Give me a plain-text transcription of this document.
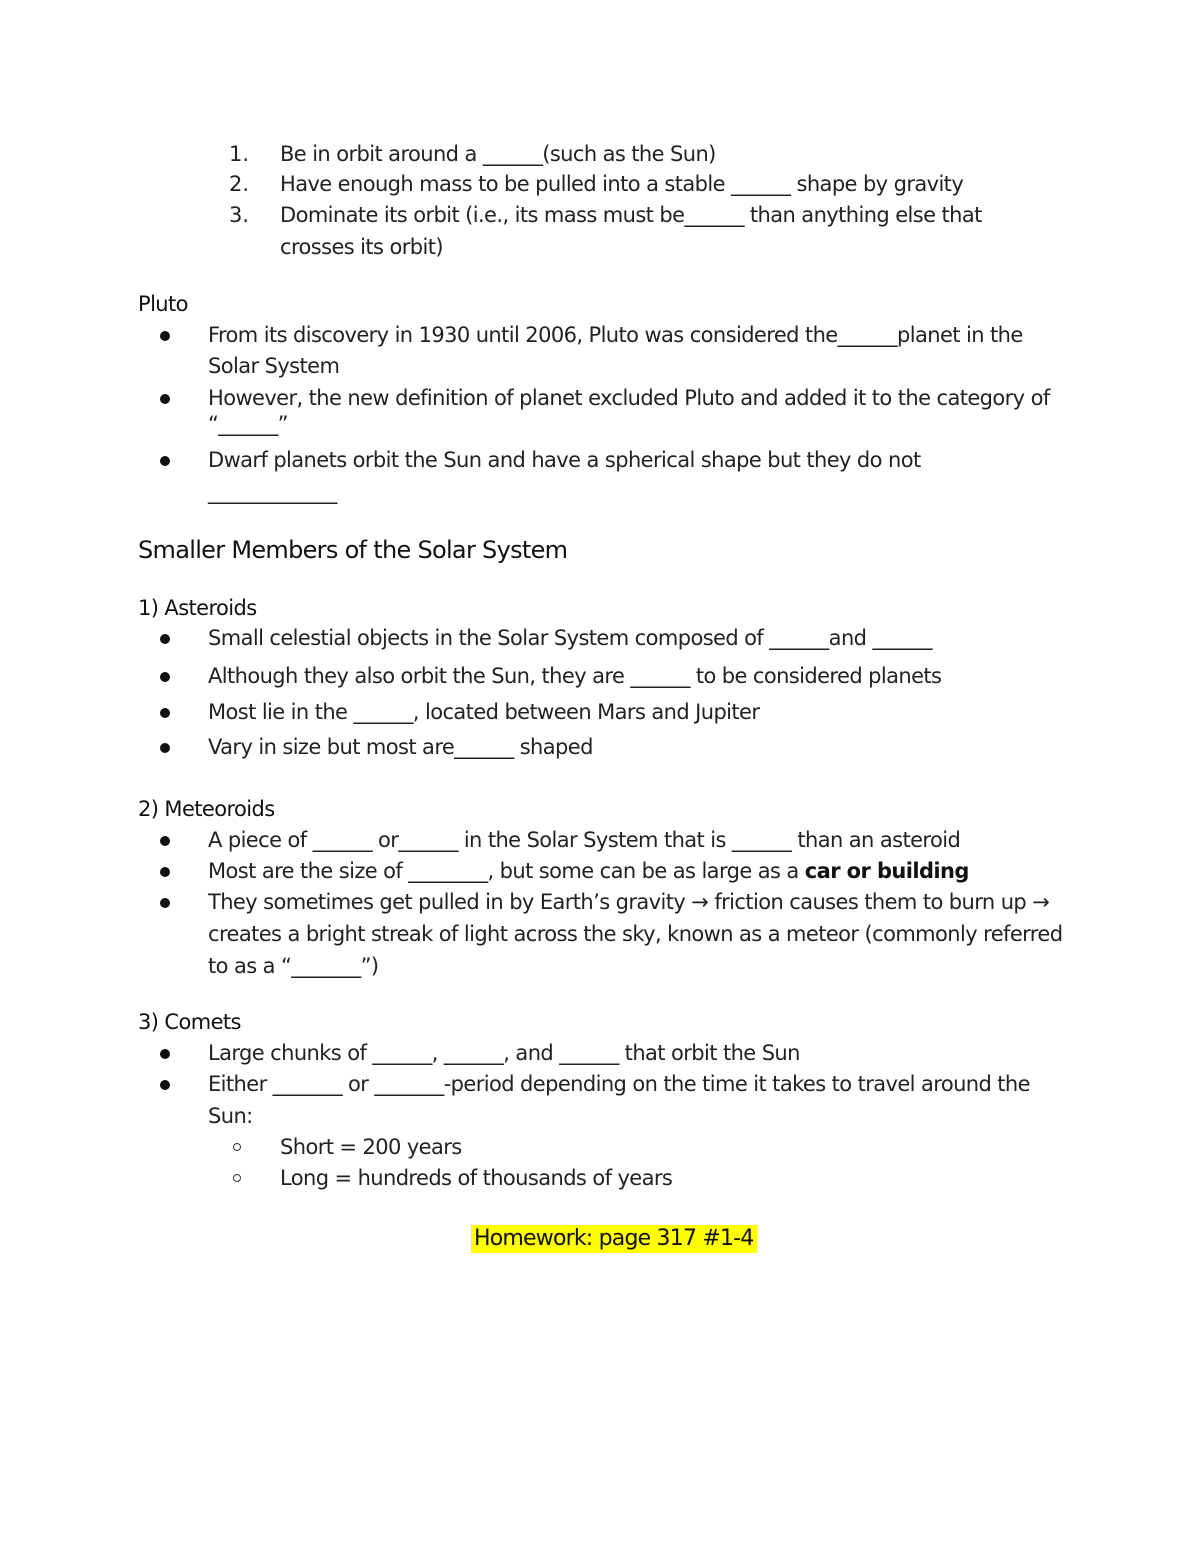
1. Be in orbit around a ______(such as the Sun)
2. Have enough mass to be pulled into a stable ______ shape by gravity
3. Dominate its orbit (i.e., its mass must be______ than anything else that
crosses its orbit)
Pluto
From its discovery in 1930 until 2006, Pluto was considered the______planet in the
Solar System
However, the new definition of planet excluded Pluto and added it to the category of
“______”
Dwarf planets orbit the Sun and have a spherical shape but they do not
_____________
Smaller Members of the Solar System
1) Asteroids
Small celestial objects in the Solar System composed of ______and ______
Although they also orbit the Sun, they are ______ to be considered planets
Most lie in the ______, located between Mars and Jupiter
Vary in size but most are______ shaped
2) Meteoroids
A piece of ______ or______ in the Solar System that is ______ than an asteroid
Most are the size of ________, but some can be as large as a car or building
They sometimes get pulled in by Earth’s gravity → friction causes them to burn up →
creates a bright streak of light across the sky, known as a meteor (commonly referred
to as a “_______”)
3) Comets
Large chunks of ______, ______, and ______ that orbit the Sun
Either _______ or _______-period depending on the time it takes to travel around the
Sun:
Short = 200 years
Long = hundreds of thousands of years
Homework: page 317 #1-4
